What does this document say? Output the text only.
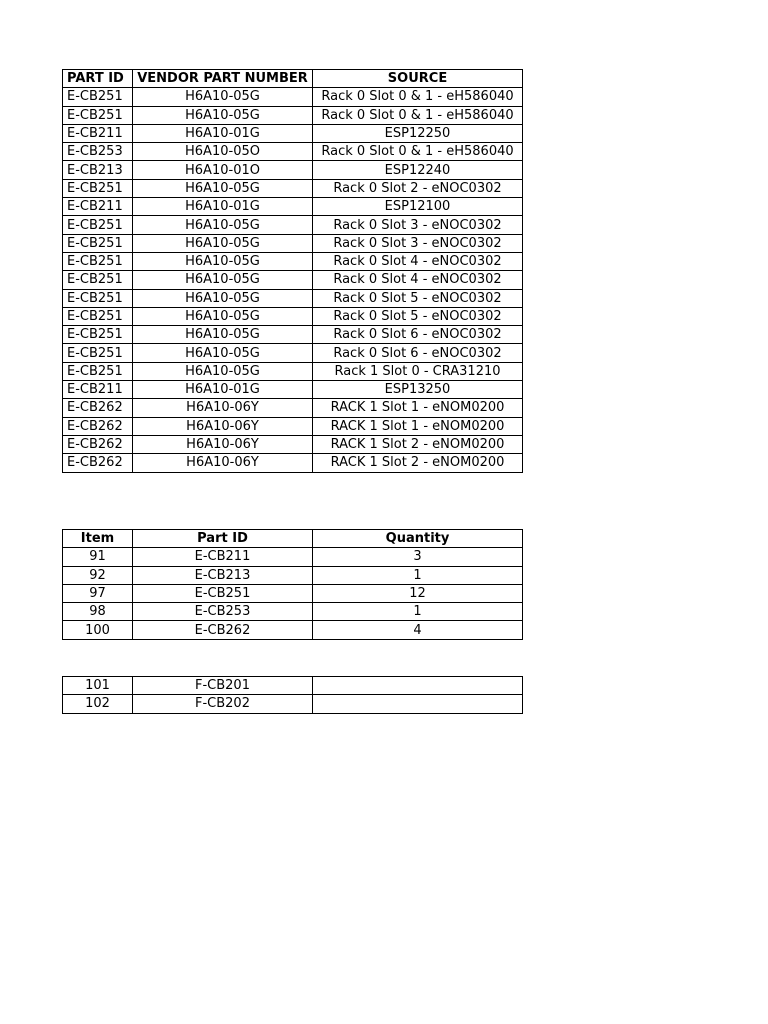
PART ID	VENDOR PART NUMBER	SOURCE
E-CB251	H6A10-05G	Rack 0 Slot 0 & 1 - eH586040
E-CB251	H6A10-05G	Rack 0 Slot 0 & 1 - eH586040
E-CB211	H6A10-01G	ESP12250
E-CB253	H6A10-05O	Rack 0 Slot 0 & 1 - eH586040
E-CB213	H6A10-01O	ESP12240
E-CB251	H6A10-05G	Rack 0 Slot 2 - eNOC0302
E-CB211	H6A10-01G	ESP12100
E-CB251	H6A10-05G	Rack 0 Slot 3 - eNOC0302
E-CB251	H6A10-05G	Rack 0 Slot 3 - eNOC0302
E-CB251	H6A10-05G	Rack 0 Slot 4 - eNOC0302
E-CB251	H6A10-05G	Rack 0 Slot 4 - eNOC0302
E-CB251	H6A10-05G	Rack 0 Slot 5 - eNOC0302
E-CB251	H6A10-05G	Rack 0 Slot 5 - eNOC0302
E-CB251	H6A10-05G	Rack 0 Slot 6 - eNOC0302
E-CB251	H6A10-05G	Rack 0 Slot 6 - eNOC0302
E-CB251	H6A10-05G	Rack 1 Slot 0 - CRA31210
E-CB211	H6A10-01G	ESP13250
E-CB262	H6A10-06Y	RACK 1 Slot 1 - eNOM0200
E-CB262	H6A10-06Y	RACK 1 Slot 1 - eNOM0200
E-CB262	H6A10-06Y	RACK 1 Slot 2 - eNOM0200
E-CB262	H6A10-06Y	RACK 1 Slot 2 - eNOM0200
Item	Part ID	Quantity
91	E-CB211	3
92	E-CB213	1
97	E-CB251	12
98	E-CB253	1
100	E-CB262	4
101	F-CB201	
102	F-CB202	
